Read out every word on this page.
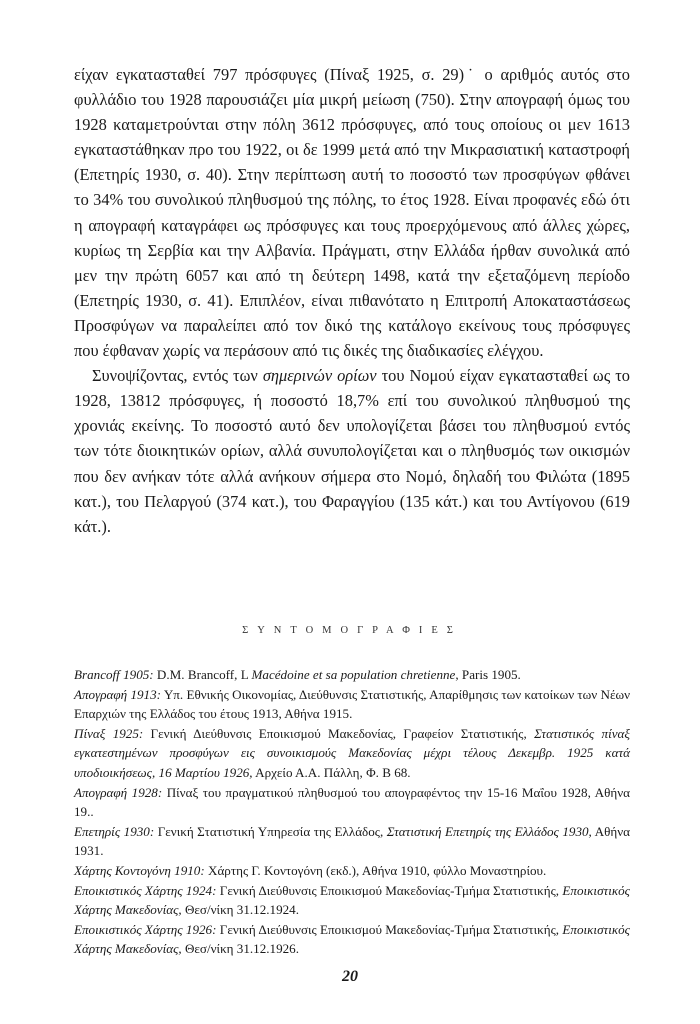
είχαν εγκατασταθεί 797 πρόσφυγες (Πίναξ 1925, σ. 29)˙ ο αριθμός αυτός στο φυλλάδιο του 1928 παρουσιάζει μία μικρή μείωση (750). Στην απογραφή όμως του 1928 καταμετρούνται στην πόλη 3612 πρόσφυγες, από τους οποίους οι μεν 1613 εγκαταστάθηκαν προ του 1922, οι δε 1999 μετά από την Μικρασιατική καταστροφή (Επετηρίς 1930, σ. 40). Στην περίπτωση αυτή το ποσοστό των προσφύγων φθάνει το 34% του συνολικού πληθυσμού της πόλης, το έτος 1928. Είναι προφανές εδώ ότι η απογραφή καταγράφει ως πρόσφυγες και τους προερχόμενους από άλλες χώρες, κυρίως τη Σερβία και την Αλβανία. Πράγματι, στην Ελλάδα ήρθαν συνολικά από μεν την πρώτη 6057 και από τη δεύτερη 1498, κατά την εξεταζόμενη περίοδο (Επετηρίς 1930, σ. 41). Επιπλέον, είναι πιθανότατο η Επιτροπή Αποκαταστάσεως Προσφύγων να παραλείπει από τον δικό της κατάλογο εκείνους τους πρόσφυγες που έφθαναν χωρίς να περάσουν από τις δικές της διαδικασίες ελέγχου.

Συνοψίζοντας, εντός των σημερινών ορίων του Νομού είχαν εγκατασταθεί ως το 1928, 13812 πρόσφυγες, ή ποσοστό 18,7% επί του συνολικού πληθυσμού της χρονιάς εκείνης. Το ποσοστό αυτό δεν υπολογίζεται βάσει του πληθυσμού εντός των τότε διοικητικών ορίων, αλλά συνυπολογίζεται και ο πληθυσμός των οικισμών που δεν ανήκαν τότε αλλά ανήκουν σήμερα στο Νομό, δηλαδή του Φιλώτα (1895 κατ.), του Πελαργού (374 κατ.), του Φαραγγίου (135 κάτ.) και του Αντίγονου (619 κάτ.).

ΣΥΝΤΟΜΟΓΡΑΦΙΕΣ

Brancoff 1905: D.M. Brancoff, L Macédoine et sa population chretienne, Paris 1905.

Απογραφή 1913: Υπ. Εθνικής Οικονομίας, Διεύθυνσις Στατιστικής, Απαρίθμησις των κατοίκων των Νέων Επαρχιών της Ελλάδος του έτους 1913, Αθήνα 1915.

Πίναξ 1925: Γενική Διεύθυνσις Εποικισμού Μακεδονίας, Γραφείον Στατιστικής, Στατιστικός πίναξ εγκατεστημένων προσφύγων εις συνοικισμούς Μακεδονίας μέχρι τέλους Δεκεμβρ. 1925 κατά υποδιοικήσεως, 16 Μαρτίου 1926, Αρχείο Α.Α. Πάλλη, Φ. Β 68.

Απογραφή 1928: Πίναξ του πραγματικού πληθυσμού του απογραφέντος την 15-16 Μαΐου 1928, Αθήνα 19..

Επετηρίς 1930: Γενική Στατιστική Υπηρεσία της Ελλάδος, Στατιστική Επετηρίς της Ελλάδος 1930, Αθήνα 1931.

Χάρτης Κοντογόνη 1910: Χάρτης Γ. Κοντογόνη (εκδ.), Αθήνα 1910, φύλλο Μοναστηρίου.

Εποικιστικός Χάρτης 1924: Γενική Διεύθυνσις Εποικισμού Μακεδονίας-Τμήμα Στατιστικής, Εποικιστικός Χάρτης Μακεδονίας, Θεσ/νίκη 31.12.1924.

Εποικιστικός Χάρτης 1926: Γενική Διεύθυνσις Εποικισμού Μακεδονίας-Τμήμα Στατιστικής, Εποικιστικός Χάρτης Μακεδονίας, Θεσ/νίκη 31.12.1926.

20
